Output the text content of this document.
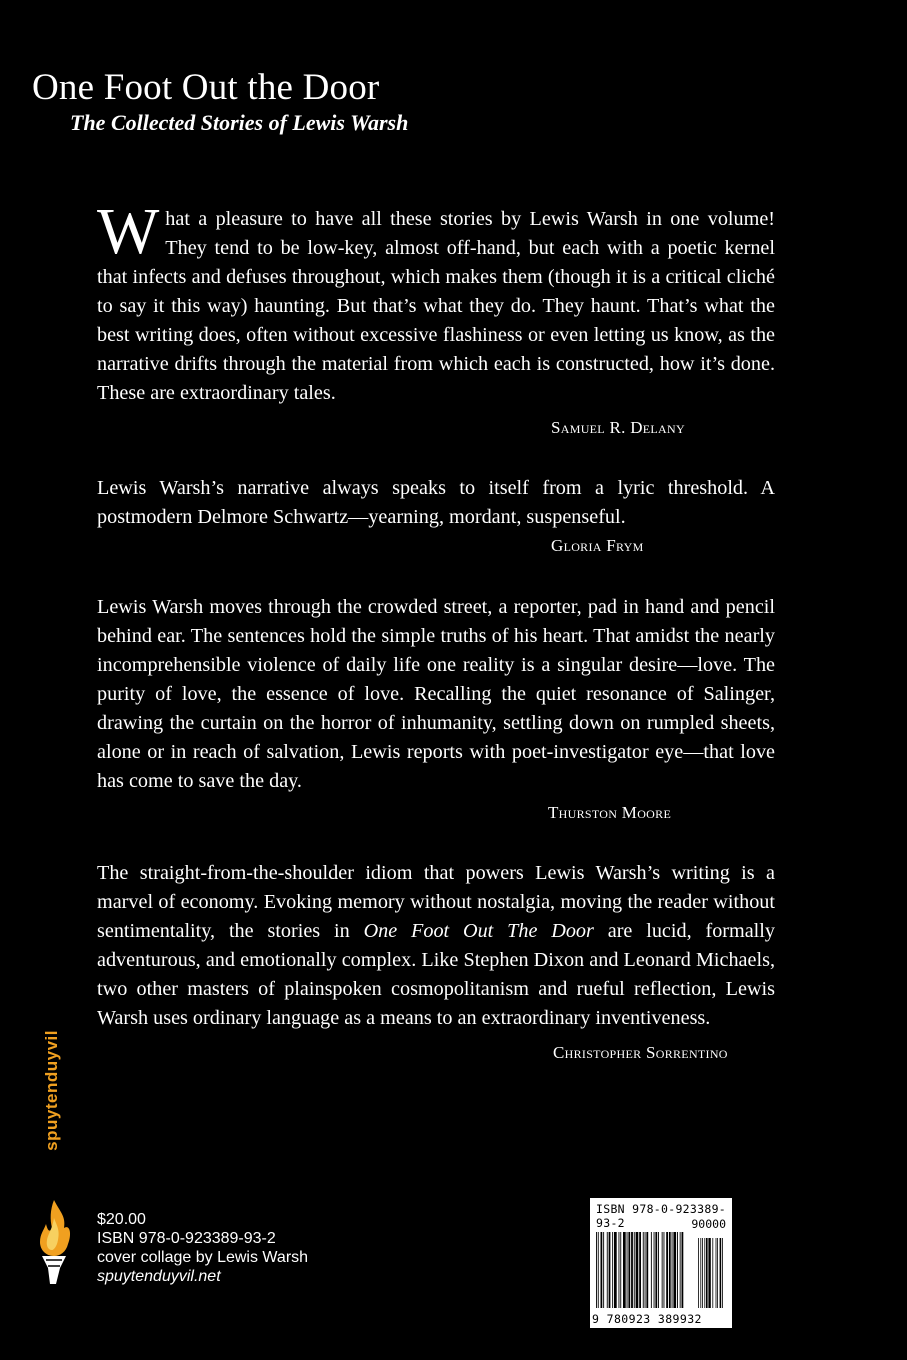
One Foot Out the Door
The Collected Stories of Lewis Warsh
What a pleasure to have all these stories by Lewis Warsh in one volume! They tend to be low-key, almost off-hand, but each with a poetic kernel that infects and defuses throughout, which makes them (though it is a critical cliché to say it this way) haunting. But that’s what they do. They haunt. That’s what the best writing does, often without excessive flashiness or even letting us know, as the narrative drifts through the material from which each is constructed, how it’s done. These are extraordinary tales.
Samuel R. Delany
Lewis Warsh’s narrative always speaks to itself from a lyric threshold. A postmodern Delmore Schwartz—yearning, mordant, suspenseful.
Gloria Frym
Lewis Warsh moves through the crowded street, a reporter, pad in hand and pencil behind ear. The sentences hold the simple truths of his heart. That amidst the nearly incomprehensible violence of daily life one reality is a singular desire—love. The purity of love, the essence of love. Recalling the quiet resonance of Salinger, drawing the curtain on the horror of inhumanity, settling down on rumpled sheets, alone or in reach of salvation, Lewis reports with poet-investigator eye—that love has come to save the day.
Thurston Moore
The straight-from-the-shoulder idiom that powers Lewis Warsh’s writing is a marvel of economy. Evoking memory without nostalgia, moving the reader without sentimentality, the stories in One Foot Out The Door are lucid, formally adventurous, and emotionally complex. Like Stephen Dixon and Leonard Michaels, two other masters of plainspoken cosmopolitanism and rueful reflection, Lewis Warsh uses ordinary language as a means to an extraordinary inventiveness.
Christopher Sorrentino
spuytenduyvil
$20.00
ISBN 978-0-923389-93-2
cover collage by Lewis Warsh
spuytenduyvil.net
ISBN 978-0-923389-93-2	90000
9 780923 389932
